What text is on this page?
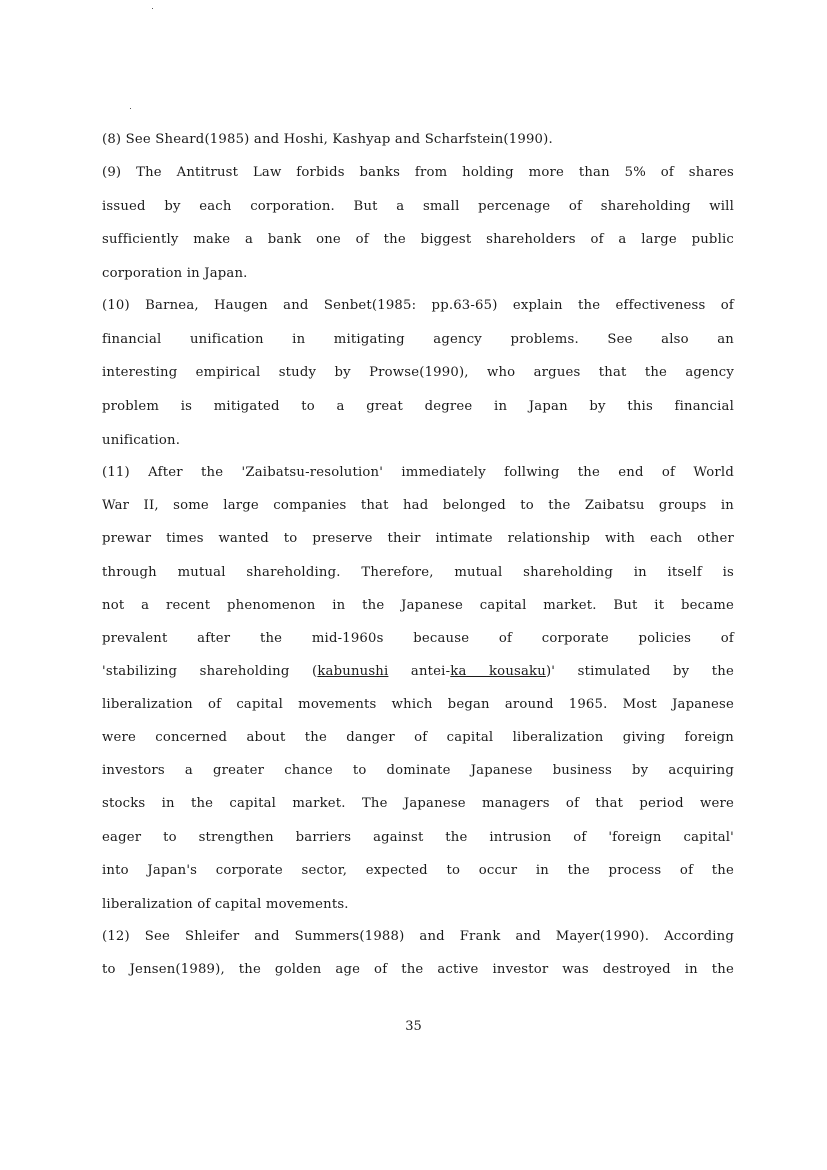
(8) See Sheard(1985) and Hoshi, Kashyap and Scharfstein(1990).
(9) The Antitrust Law forbids banks from holding more than 5% of shares
issued by each corporation. But a small percenage of shareholding will
sufficiently make a bank one of the biggest shareholders of a large public
corporation in Japan.
(10) Barnea, Haugen and Senbet(1985: pp.63-65) explain the effectiveness of
financial unification in mitigating agency problems. See also an
interesting empirical study by Prowse(1990), who argues that the agency
problem is mitigated to a great degree in Japan by this financial
unification.
(11) After the 'Zaibatsu-resolution' immediately follwing the end of World
War II, some large companies that had belonged to the Zaibatsu groups in
prewar times wanted to preserve their intimate relationship with each other
through mutual shareholding. Therefore, mutual shareholding in itself is
not a recent phenomenon in the Japanese capital market. But it became
prevalent after the mid-1960s because of corporate policies of
'stabilizing shareholding (kabunushi antei-ka kousaku)' stimulated by the
liberalization of capital movements which began around 1965. Most Japanese
were concerned about the danger of capital liberalization giving foreign
investors a greater chance to dominate Japanese business by acquiring
stocks in the capital market. The Japanese managers of that period were
eager to strengthen barriers against the intrusion of 'foreign capital'
into Japan's corporate sector, expected to occur in the process of the
liberalization of capital movements.
(12) See Shleifer and Summers(1988) and Frank and Mayer(1990). According
to Jensen(1989), the golden age of the active investor was destroyed in the
35
